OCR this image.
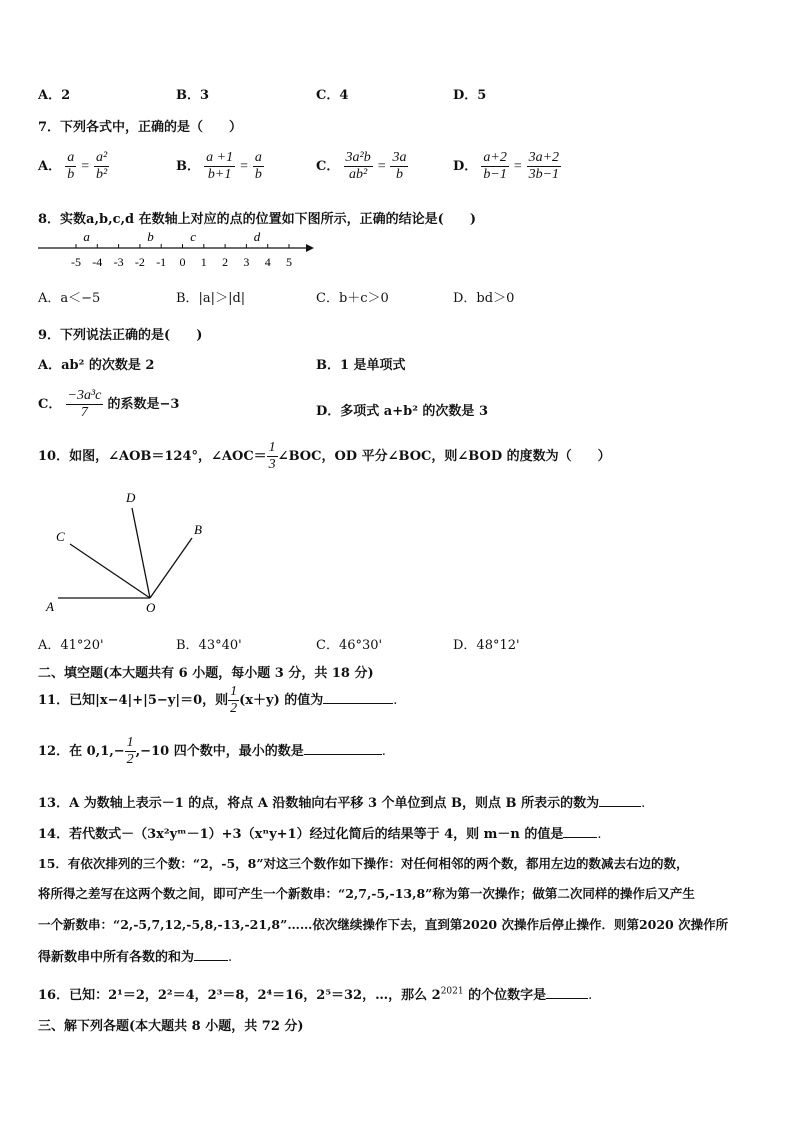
A．2	B．3	C．4	D．5
7．下列各式中，正确的是（　　）
A． $\frac{a}{b} = \frac{\text{a²}}{\text{b²}}$	B． $\frac{a +1}{b+1} = \frac{a}{b}$	C． $\frac{\text{3a²b}}{\text{ab²}} = \frac{3a}{b}$	D． $\frac{a+2}{b-1} = \frac{3a+2}{3b-1}$
8．实数a,b,c,d 在数轴上对应的点的位置如下图所示，正确的结论是(　　)
-5 -4 -3 -2 -1 0 1 2 3 4 5
a	b	c	d
A．a＜−5	B．|a|＞|d|	C．b＋c＞0	D．bd＞0
9．下列说法正确的是(　　)
A．ab² 的次数是 2	B．1 是单项式
C． $\frac{\text{−3a³c}}{7}$ 的系数是−3	D．多项式 a+b² 的次数是 3
10．如图，∠AOB＝124°，∠AOC＝ $\frac{1}{3}$ ∠BOC，OD 平分∠BOC，则∠BOD 的度数为（　　）
A	O
B
C
D
A．41°20'	B．43°40'	C．46°30'	D．48°12'
二、填空题(本大题共有 6 小题，每小题 3 分，共 18 分)
11．已知|x−4|+|5−y|＝0，则 $\frac{1}{2} (x+y)$ 的值为	.
12．在 $0,1,- \frac{1}{2} ,-10$ 四个数中，最小的数是	.
13．A 为数轴上表示－1 的点，将点 A 沿数轴向右平移 3 个单位到点 B，则点 B 所表示的数为	.
14．若代数式－（3x²yᵐ－1）+3（xⁿy+1）经过化简后的结果等于 4，则 m－n 的值是	.
15．有依次排列的三个数：“2，-5，8”对这三个数作如下操作：对任何相邻的两个数，都用左边的数减去右边的数，
将所得之差写在这两个数之间，即可产生一个新数串：“2,7,-5,-13,8”称为第一次操作；做第二次同样的操作后又产生
一个新数串：“2,-5,7,12,-5,8,-13,-21,8”……依次继续操作下去，直到第2020 次操作后停止操作．则第2020 次操作所
得新数串中所有各数的和为	.
16．已知：2¹＝2，2²＝4，2³＝8，2⁴＝16，2⁵＝32，…，那么 $2^{2021}$ 的个位数字是	.
三、解下列各题(本大题共 8 小题，共 72 分)
